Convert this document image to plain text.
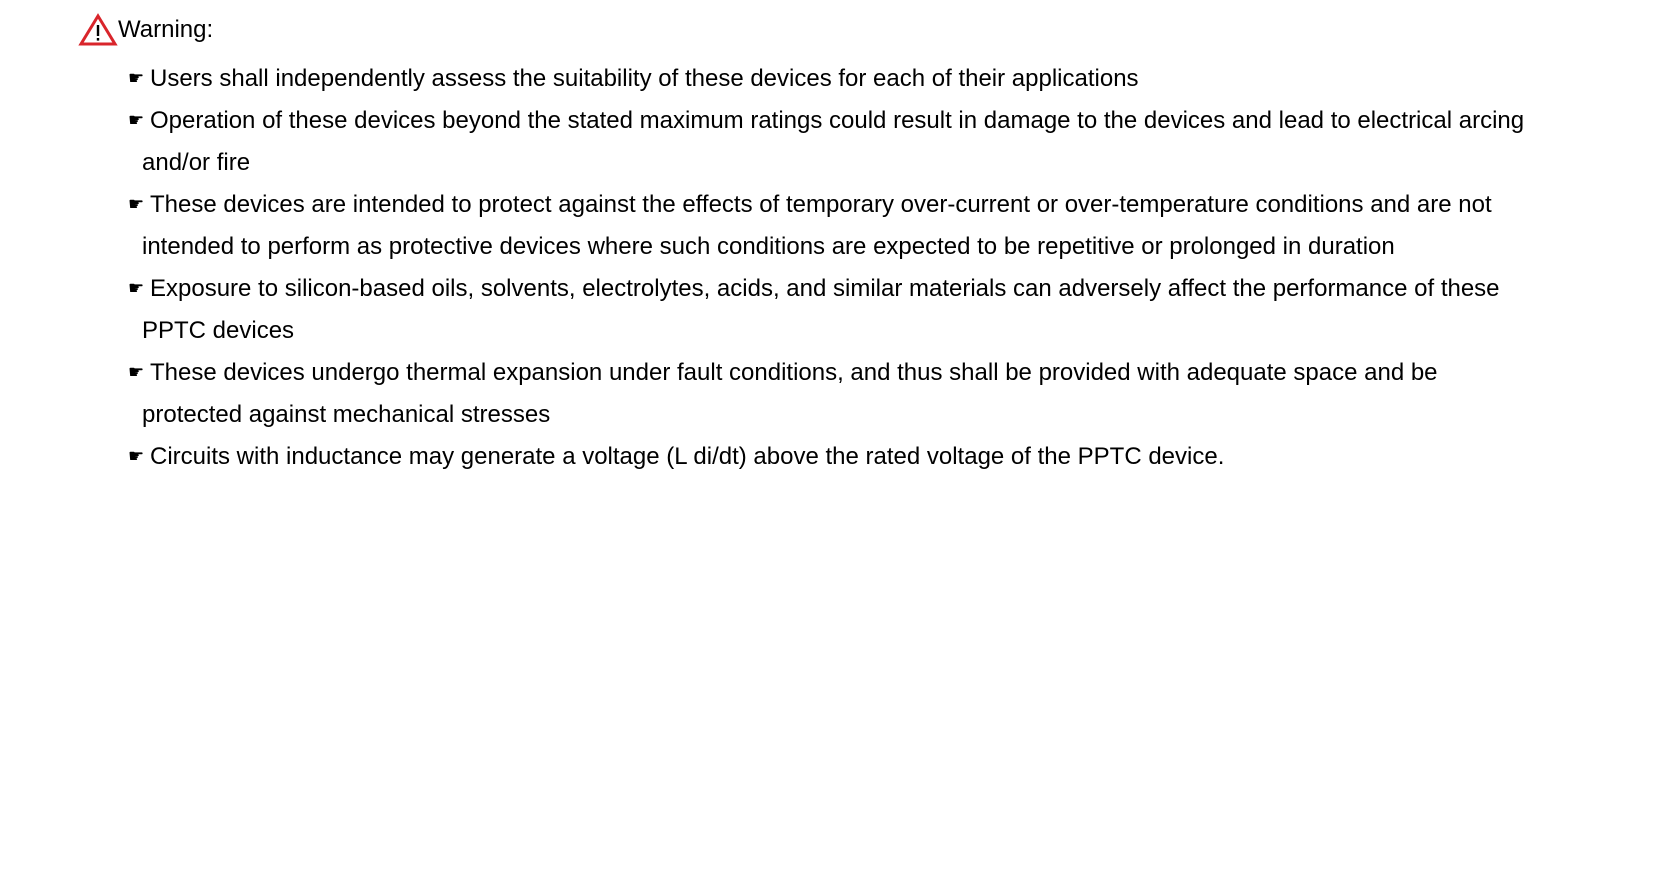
Warning:
☛ Users shall independently assess the suitability of these devices for each of their applications
☛ Operation of these devices beyond the stated maximum ratings could result in damage to the devices and lead to electrical arcing
and/or fire
☛ These devices are intended to protect against the effects of temporary over-current or over-temperature conditions and are not
intended to perform as protective devices where such conditions are expected to be repetitive or prolonged in duration
☛ Exposure to silicon-based oils, solvents, electrolytes, acids, and similar materials can adversely affect the performance of these
PPTC devices
☛ These devices undergo thermal expansion under fault conditions, and thus shall be provided with adequate space and be
protected against mechanical stresses
☛ Circuits with inductance may generate a voltage (L di/dt) above the rated voltage of the PPTC device.
